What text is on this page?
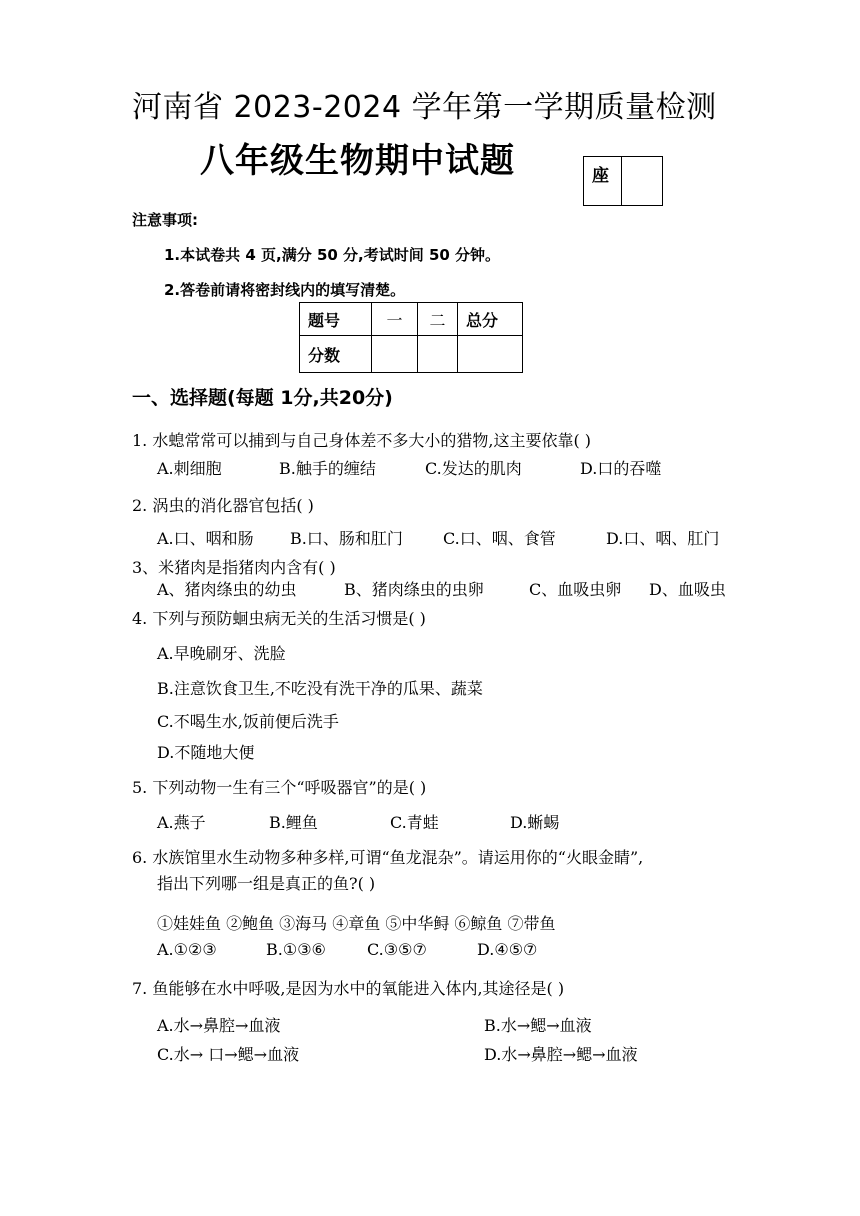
河南省 2023-2024 学年第一学期质量检测
八年级生物期中试题	座
注意事项:
1.本试卷共 4 页,满分 50 分,考试时间 50 分钟。
2.答卷前请将密封线内的填写清楚。
题号	一	二	总分
分数			
一、选择题(每题 1分,共20分)
1. 水螅常常可以捕到与自己身体差不多大小的猎物,这主要依靠( )
A.刺细胞	B.触手的缠结	C.发达的肌肉	D.口的吞噬
2. 涡虫的消化器官包括( )
A.口、咽和肠 B.口、肠和肛门	C.口、咽、食管	D.口、咽、肛门
3、米猪肉是指猪肉内含有( )
A、猪肉绦虫的幼虫	B、猪肉绦虫的虫卵	C、血吸虫卵 D、血吸虫
4. 下列与预防蛔虫病无关的生活习惯是( )
A.早晚刷牙、洗脸
B.注意饮食卫生,不吃没有洗干净的瓜果、蔬菜
C.不喝生水,饭前便后洗手
D.不随地大便
5. 下列动物一生有三个“呼吸器官”的是( )
A.燕子	B.鲤鱼	C.青蛙	D.蜥蜴
6. 水族馆里水生动物多种多样,可谓“鱼龙混杂”。请运用你的“火眼金睛”,
指出下列哪一组是真正的鱼?( )
①娃娃鱼 ②鲍鱼 ③海马 ④章鱼 ⑤中华鲟 ⑥鲸鱼 ⑦带鱼
A.①②③	B.①③⑥	C.③⑤⑦	D.④⑤⑦
7. 鱼能够在水中呼吸,是因为水中的氧能进入体内,其途径是( )
A.水→鼻腔→血液	B.水→鳃→血液
C.水→ 口→鳃→血液	D.水→鼻腔→鳃→血液
